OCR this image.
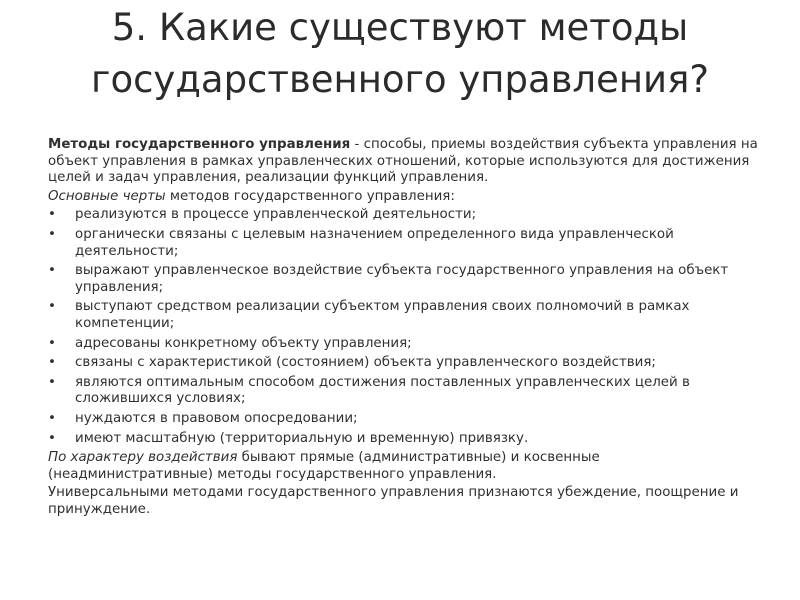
5. Какие существуют методы
государственного управления?

Методы государственного управления - способы, приемы воздействия субъекта управления на объект управления в рамках управленческих отношений, которые используются для достижения целей и задач управления, реализации функций управления.

Основные черты методов государственного управления:

• реализуются в процессе управленческой деятельности;
• органически связаны с целевым назначением определенного вида управленческой деятельности;
• выражают управленческое воздействие субъекта государственного управления на объект управления;
• выступают средством реализации субъектом управления своих полномочий в рамках компетенции;
• адресованы конкретному объекту управления;
• связаны с характеристикой (состоянием) объекта управленческого воздействия;
• являются оптимальным способом достижения поставленных управленческих целей в сложившихся условиях;
• нуждаются в правовом опосредовании;
• имеют масштабную (территориальную и временную) привязку.

По характеру воздействия бывают прямые (административные) и косвенные (неадминистративные) методы государственного управления.

Универсальными методами государственного управления признаются убеждение, поощрение и принуждение.
